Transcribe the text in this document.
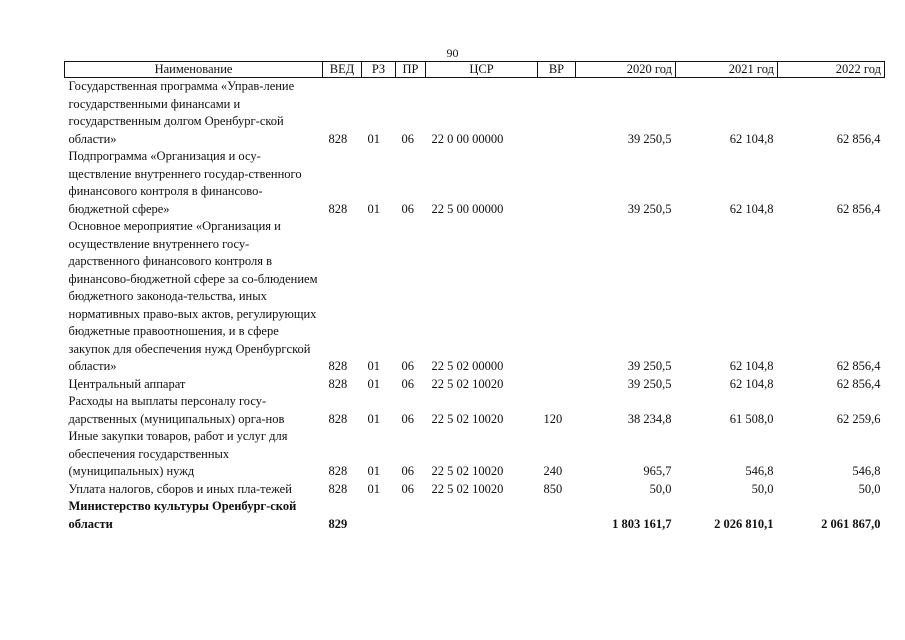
90
Наименование	ВЕД	РЗ	ПР	ЦСР	ВР	2020 год	2021 год	2022 год
Государственная программа «Управ-ление государственными финансами и государственным долгом Оренбург-ской области»	828	01	06	22 0 00 00000		39 250,5	62 104,8	62 856,4
Подпрограмма «Организация и осу-ществление внутреннего государ-ственного финансового контроля в финансово-бюджетной сфере»	828	01	06	22 5 00 00000		39 250,5	62 104,8	62 856,4
Основное мероприятие «Организация и осуществление внутреннего госу-дарственного финансового контроля в финансово-бюджетной сфере за со-блюдением бюджетного законода-тельства, иных нормативных право-вых актов, регулирующих бюджетные правоотношения, и в сфере закупок для обеспечения нужд Оренбургской области»	828	01	06	22 5 02 00000		39 250,5	62 104,8	62 856,4
Центральный аппарат	828	01	06	22 5 02 10020		39 250,5	62 104,8	62 856,4
Расходы на выплаты персоналу госу-дарственных (муниципальных) орга-нов	828	01	06	22 5 02 10020	120	38 234,8	61 508,0	62 259,6
Иные закупки товаров, работ и услуг для обеспечения государственных (муниципальных) нужд	828	01	06	22 5 02 10020	240	965,7	546,8	546,8
Уплата налогов, сборов и иных пла-тежей	828	01	06	22 5 02 10020	850	50,0	50,0	50,0
Министерство культуры Оренбург-ской области	829					1 803 161,7	2 026 810,1	2 061 867,0
